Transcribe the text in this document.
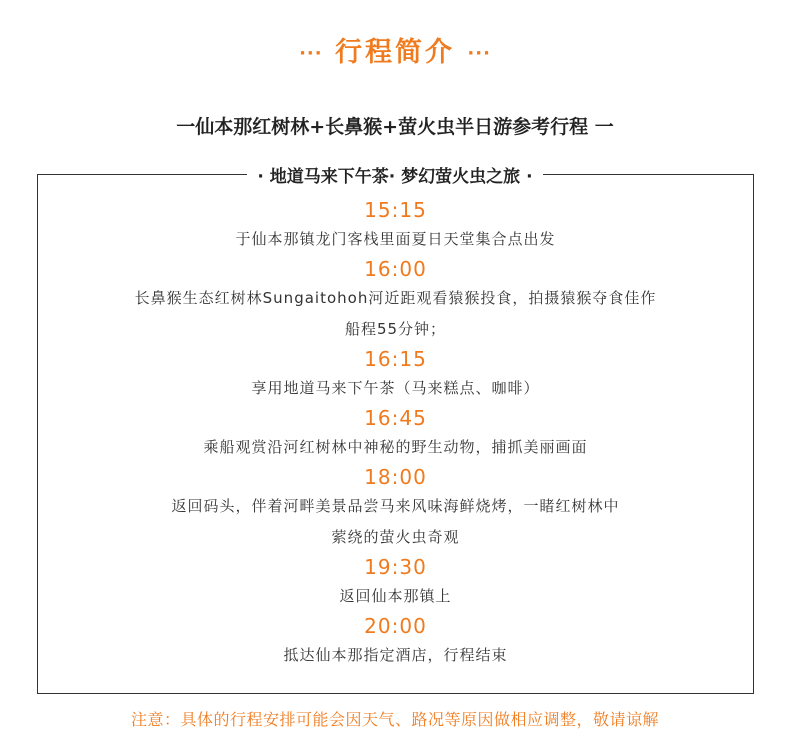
··· 行程简介 ···
一仙本那红树林+长鼻猴+萤火虫半日游参考行程 一
· 地道马来下午茶· 梦幻萤火虫之旅 ·
15:15
于仙本那镇龙门客栈里面夏日天堂集合点出发
16:00
长鼻猴生态红树林Sungaitohoh河近距观看猿猴投食，拍摄猿猴夺食佳作
船程55分钟；
16:15
享用地道马来下午茶（马来糕点、咖啡）
16:45
乘船观赏沿河红树林中神秘的野生动物，捕抓美丽画面
18:00
返回码头，伴着河畔美景品尝马来风味海鲜烧烤，一睹红树林中
萦绕的萤火虫奇观
19:30
返回仙本那镇上
20:00
抵达仙本那指定酒店，行程结束
注意：具体的行程安排可能会因天气、路况等原因做相应调整，敬请谅解
